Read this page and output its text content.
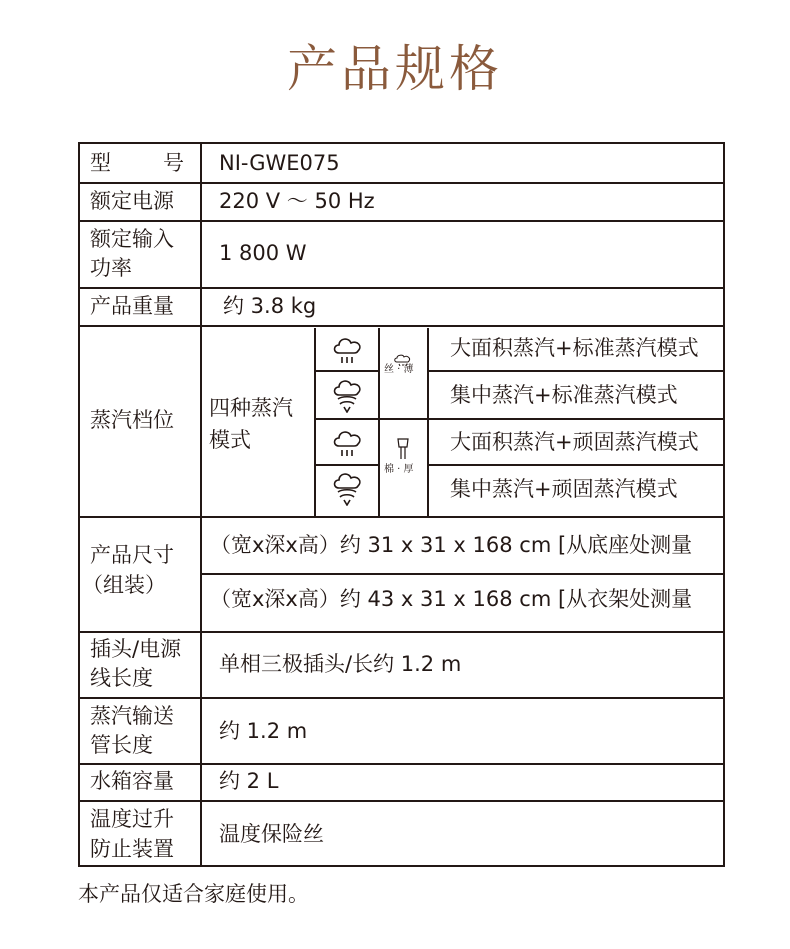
产品规格
型 号 NI-GWE075
额定电源 220 V ～ 50 Hz
额定输入
功率
1 800 W
产品重量 约 3.8 kg
蒸汽档位 四种蒸汽
模式
丝 · 薄
棉 · 厚
大面积蒸汽+标准蒸汽模式
集中蒸汽+标准蒸汽模式
大面积蒸汽+顽固蒸汽模式
集中蒸汽+顽固蒸汽模式
产品尺寸
（组装）
（宽x深x高）约 31 x 31 x 168 cm [从底座处测量
（宽x深x高）约 43 x 31 x 168 cm [从衣架处测量
插头/电源
线长度
单相三极插头/长约 1.2 m
蒸汽输送
管长度
约 1.2 m
水箱容量 约 2 L
温度过升
防止装置
温度保险丝
本产品仅适合家庭使用。
